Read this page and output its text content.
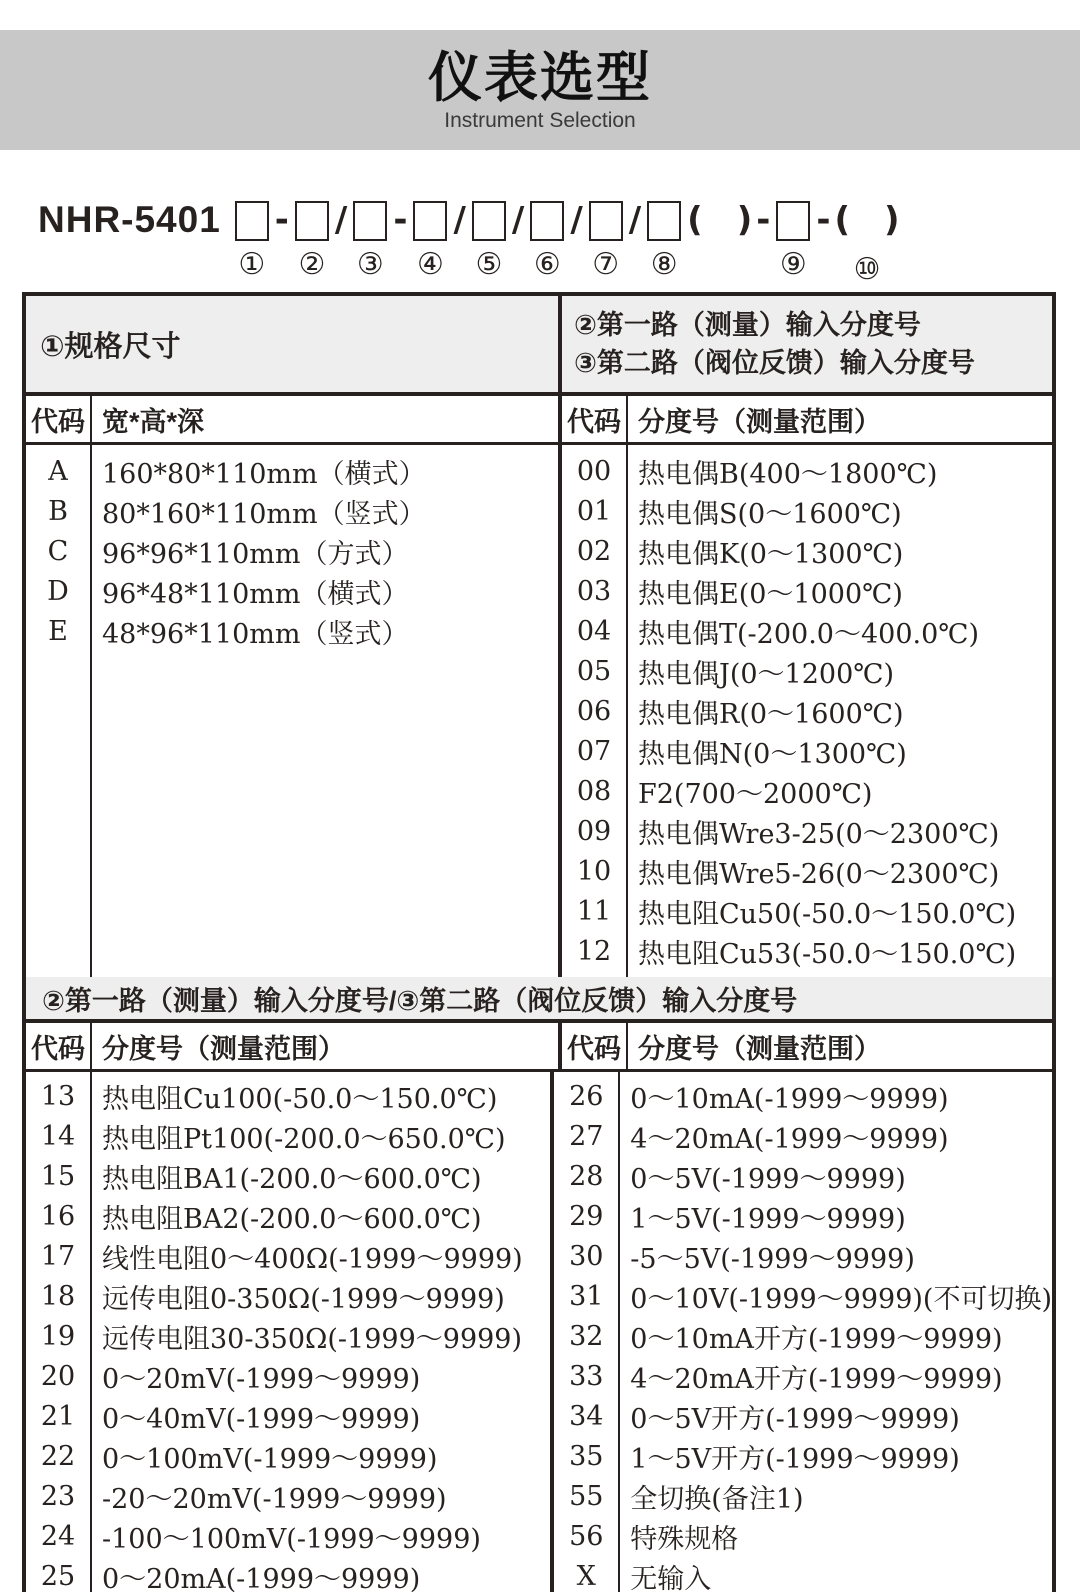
仪表选型
Instrument Selection
NHR-5401
①
-
②
/
③
-
④
/
⑤
/
⑥
/
⑦
/
⑧
(　) -
⑨
- (　)
⑩
①规格尺寸
②第一路（测量）输入分度号
③第二路（阀位反馈）输入分度号
代码 宽*高*深	代码 分度号（测量范围）
A	160*80*110mm（横式）
B	80*160*110mm（竖式）
C	96*96*110mm（方式）
D	96*48*110mm（横式）
E	48*96*110mm（竖式）
00 热电偶B(400～1800℃)
01 热电偶S(0～1600℃)
02 热电偶K(0～1300℃)
03 热电偶E(0～1000℃)
04 热电偶T(-200.0～400.0℃)
05 热电偶J(0～1200℃)
06 热电偶R(0～1600℃)
07 热电偶N(0～1300℃)
08 F2(700～2000℃)
09 热电偶Wre3-25(0～2300℃)
10 热电偶Wre5-26(0～2300℃)
11 热电阻Cu50(-50.0～150.0℃)
12 热电阻Cu53(-50.0～150.0℃)
②第一路（测量）输入分度号/③第二路（阀位反馈）输入分度号
代码 分度号（测量范围）	代码 分度号（测量范围）
13 热电阻Cu100(-50.0～150.0℃)
14 热电阻Pt100(-200.0～650.0℃)
15 热电阻BA1(-200.0～600.0℃)
16 热电阻BA2(-200.0～600.0℃)
17 线性电阻0～400Ω(-1999～9999)
18 远传电阻0-350Ω(-1999～9999)
19 远传电阻30-350Ω(-1999～9999)
20 0～20mV(-1999～9999)
21 0～40mV(-1999～9999)
22 0～100mV(-1999～9999)
23 -20～20mV(-1999～9999)
24 -100～100mV(-1999～9999)
25 0～20mA(-1999～9999)
26 0～10mA(-1999～9999)
27 4～20mA(-1999～9999)
28 0～5V(-1999～9999)
29 1～5V(-1999～9999)
30 -5～5V(-1999～9999)
31 0～10V(-1999～9999)(不可切换)
32 0～10mA开方(-1999～9999)
33 4～20mA开方(-1999～9999)
34 0～5V开方(-1999～9999)
35 1～5V开方(-1999～9999)
55 全切换(备注1)
56 特殊规格
X	无输入
